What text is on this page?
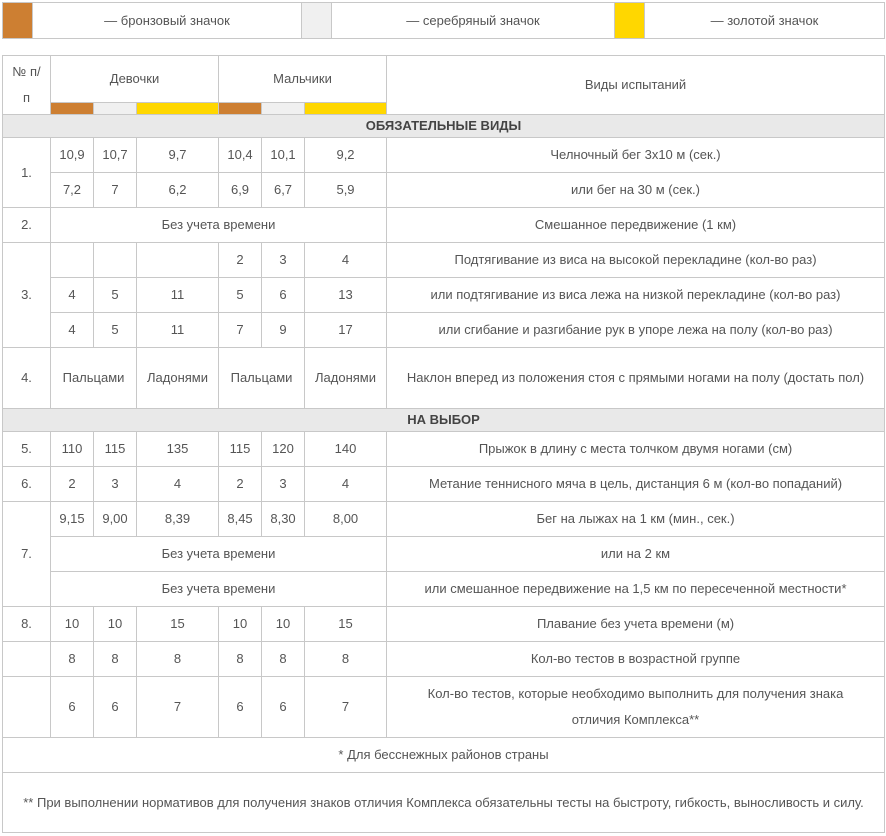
	— бронзовый значок		— серебряный значок		— золотой значок
№ п/п	Девочки			Мальчики			Виды испытаний

ОБЯЗАТЕЛЬНЫЕ ВИДЫ							
1.	10,9	10,7	9,7	10,4	10,1	9,2	Челночный бег 3х10 м (сек.)
	7,2	7	6,2	6,9	6,7	5,9	или бег на 30 м (сек.)
2.	Без учета времени						Смешанное передвижение (1 км)
3.				2	3	4	Подтягивание из виса на высокой перекладине (кол-во раз)
	4	5	11	5	6	13	или подтягивание из виса лежа на низкой перекладине (кол-во раз)
	4	5	11	7	9	17	или сгибание и разгибание рук в упоре лежа на полу (кол-во раз)
4.	Пальцами		Ладонями	Пальцами		Ладонями	Наклон вперед из положения стоя с прямыми ногами на полу (достать пол)
НА ВЫБОР							
5.	110	115	135	115	120	140	Прыжок в длину с места толчком двумя ногами (см)
6.	2	3	4	2	3	4	Метание теннисного мяча в цель, дистанция 6 м (кол-во попаданий)
7.	9,15	9,00	8,39	8,45	8,30	8,00	Бег на лыжах на 1 км (мин., сек.)
	Без учета времени						или на 2 км
	Без учета времени						или смешанное передвижение на 1,5 км по пересеченной местности*
8.	10	10	15	10	10	15	Плавание без учета времени (м)
	8	8	8	8	8	8	Кол-во тестов в возрастной группе
	6	6	7	6	6	7	Кол-во тестов, которые необходимо выполнить для получения знака отличия Комплекса**
* Для бесснежных районов страны							
** При выполнении нормативов для получения знаков отличия Комплекса обязательны тесты на быстроту, гибкость, выносливость и силу.							
